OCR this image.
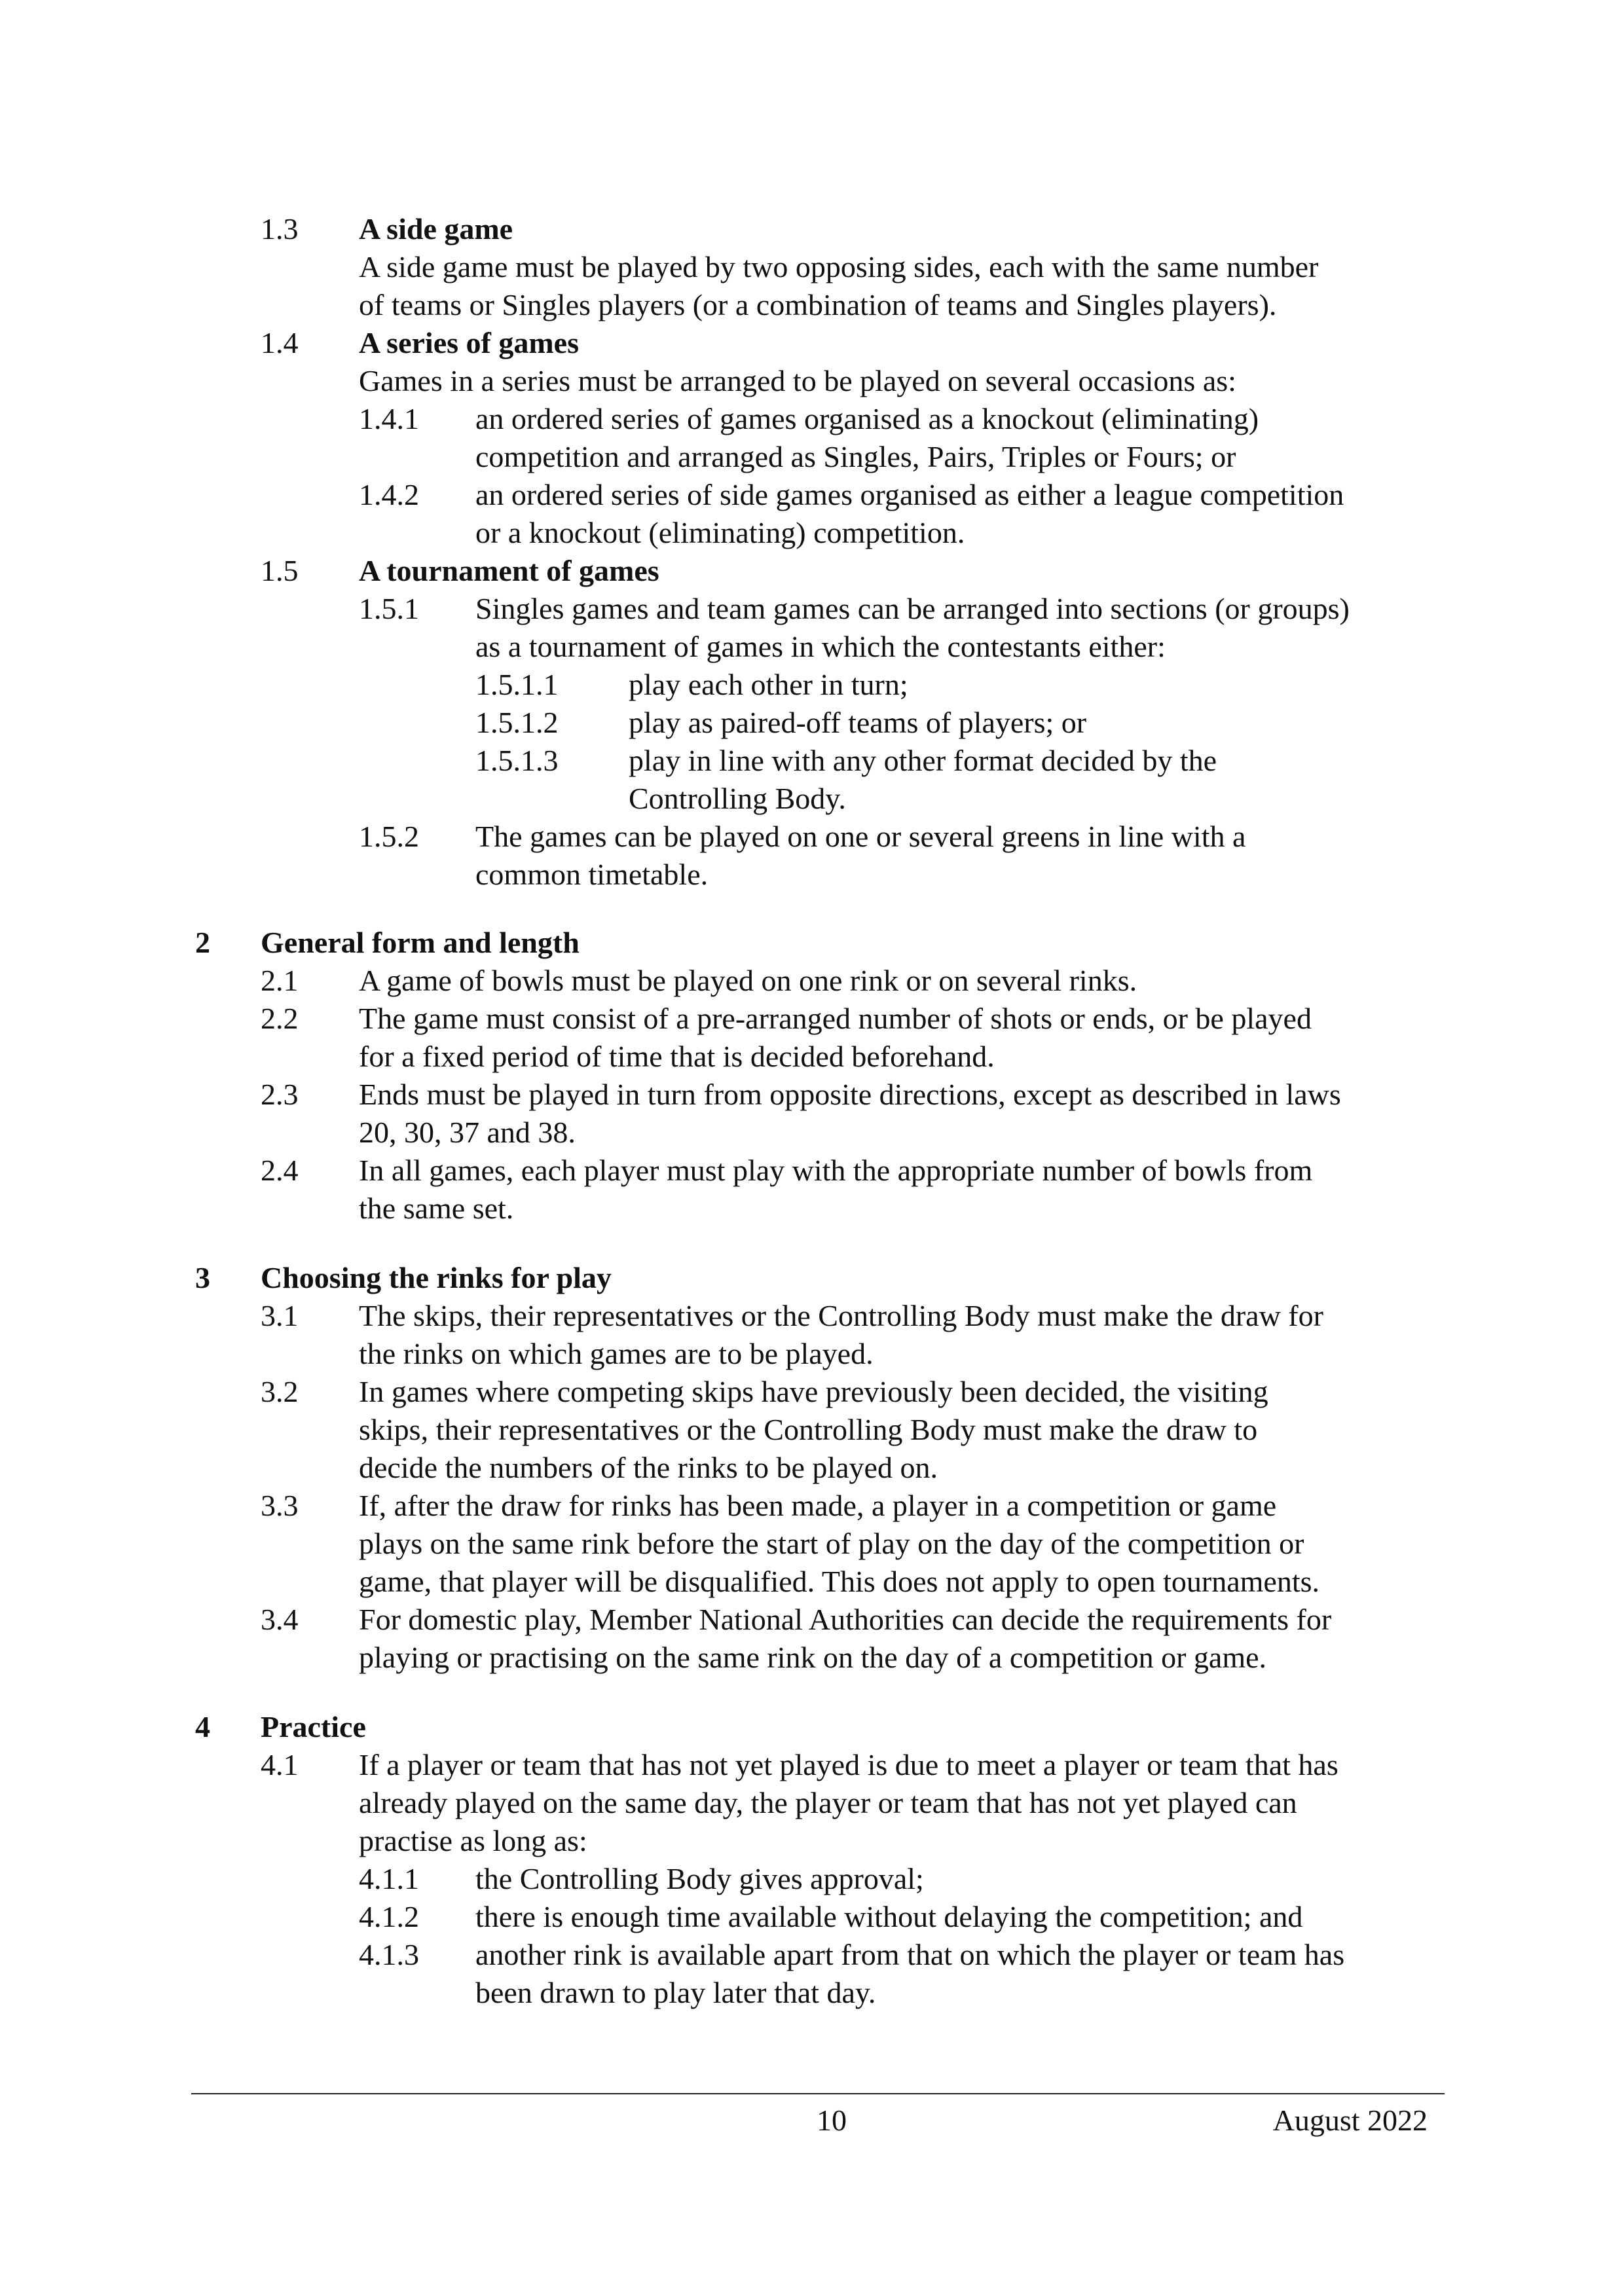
1.3 A side game
A side game must be played by two opposing sides, each with the same number
of teams or Singles players (or a combination of teams and Singles players).
1.4 A series of games
Games in a series must be arranged to be played on several occasions as:
1.4.1 an ordered series of games organised as a knockout (eliminating)
competition and arranged as Singles, Pairs, Triples or Fours; or
1.4.2 an ordered series of side games organised as either a league competition
or a knockout (eliminating) competition.
1.5 A tournament of games
1.5.1 Singles games and team games can be arranged into sections (or groups)
as a tournament of games in which the contestants either:
1.5.1.1 play each other in turn;
1.5.1.2 play as paired-off teams of players; or
1.5.1.3 play in line with any other format decided by the
Controlling Body.
1.5.2 The games can be played on one or several greens in line with a
common timetable.
2 General form and length
2.1 A game of bowls must be played on one rink or on several rinks.
2.2 The game must consist of a pre-arranged number of shots or ends, or be played
for a fixed period of time that is decided beforehand.
2.3 Ends must be played in turn from opposite directions, except as described in laws
20, 30, 37 and 38.
2.4 In all games, each player must play with the appropriate number of bowls from
the same set.
3 Choosing the rinks for play
3.1 The skips, their representatives or the Controlling Body must make the draw for
the rinks on which games are to be played.
3.2 In games where competing skips have previously been decided, the visiting
skips, their representatives or the Controlling Body must make the draw to
decide the numbers of the rinks to be played on.
3.3 If, after the draw for rinks has been made, a player in a competition or game
plays on the same rink before the start of play on the day of the competition or
game, that player will be disqualified. This does not apply to open tournaments.
3.4 For domestic play, Member National Authorities can decide the requirements for
playing or practising on the same rink on the day of a competition or game.
4 Practice
4.1 If a player or team that has not yet played is due to meet a player or team that has
already played on the same day, the player or team that has not yet played can
practise as long as:
4.1.1 the Controlling Body gives approval;
4.1.2 there is enough time available without delaying the competition; and
4.1.3 another rink is available apart from that on which the player or team has
been drawn to play later that day.
10	August 2022
